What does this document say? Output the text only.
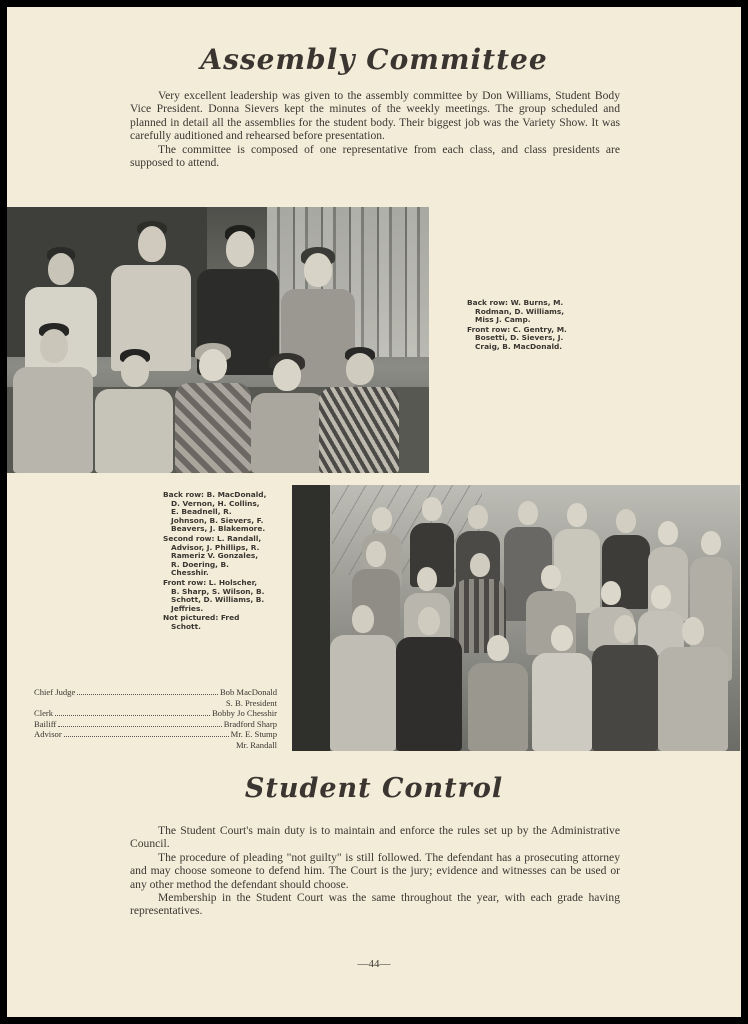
Assembly Committee

Very excellent leadership was given to the assembly committee by Don Williams, Student Body Vice President. Donna Sievers kept the minutes of the weekly meetings. The group scheduled and planned in detail all the assemblies for the student body. Their biggest job was the Variety Show. It was carefully auditioned and rehearsed before presentation.

The committee is composed of one representative from each class, and class presidents are supposed to attend.

Back row: W. Burns, M. Rodman, D. Williams, Miss J. Camp.

Front row: C. Gentry, M. Bosetti, D. Sievers, J. Craig, B. MacDonald.

Back row: B. MacDonald, D. Vernon, H. Collins, E. Beadnell, R. Johnson, B. Sievers, F. Beavers, J. Blakemore.

Second row: L. Randall, Advisor, J. Phillips, R. Rameriz V. Gonzales, R. Doering, B. Chesshir.

Front row: L. Holscher, B. Sharp, S. Wilson, B. Schott, D. Williams, B. Jeffries.

Not pictured: Fred Schott.

Chief Judge	Bob MacDonald
S. B. President
Clerk	Bobby Jo Chesshir
Bailiff	Bradford Sharp
Advisor	Mr. E. Stump
Mr. Randall
Student Control

The Student Court's main duty is to maintain and enforce the rules set up by the Administrative Council.

The procedure of pleading "not guilty" is still followed. The defendant has a prosecuting attorney and may choose someone to defend him. The Court is the jury; evidence and witnesses can be used or any other method the defendant should choose.

Membership in the Student Court was the same throughout the year, with each grade having representatives.

—44—
